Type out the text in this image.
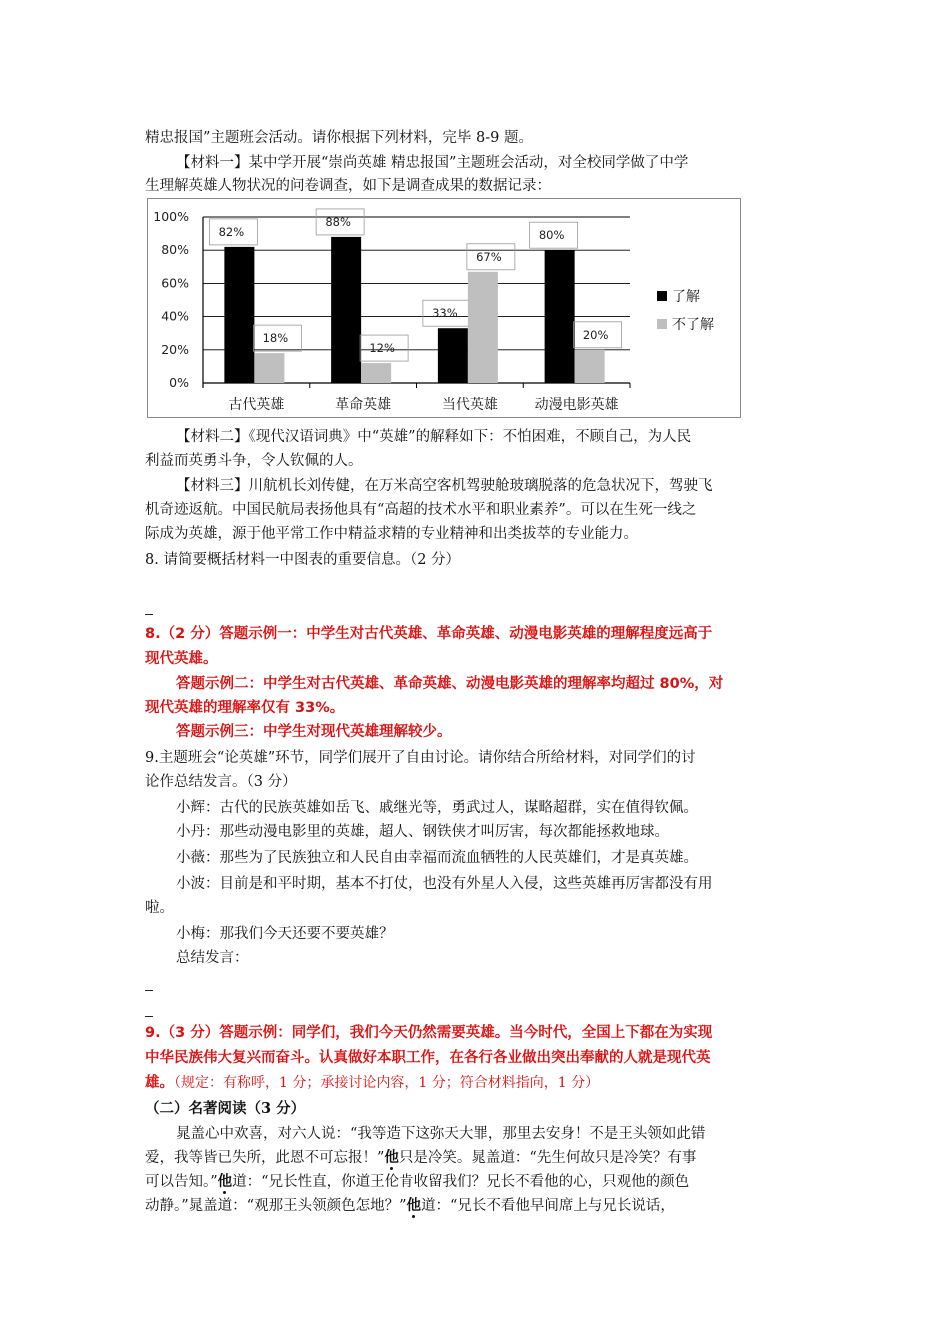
精忠报国”主题班会活动。请你根据下列材料，完毕 8-9 题。
【材料一】某中学开展“崇尚英雄 精忠报国”主题班会活动，对全校同学做了中学
生理解英雄人物状况的问卷调查，如下是调查成果的数据记录：
0%
20%
40%
60%
80%
100%
古代英雄
82%
18%
革命英雄
88%
12%
当代英雄
33%
67%
动漫电影英雄
80%
20%
了解
不了解
【材料二】《现代汉语词典》中“英雄”的解释如下：不怕困难，不顾自己，为人民
利益而英勇斗争，令人钦佩的人。
【材料三】川航机长刘传健，在万米高空客机驾驶舱玻璃脱落的危急状况下，驾驶飞
机奇迹返航。中国民航局表扬他具有“高超的技术水平和职业素养”。可以在生死一线之
际成为英雄，源于他平常工作中精益求精的专业精神和出类拔萃的专业能力。
8. 请简要概括材料一中图表的重要信息。（2 分）
8.（2 分）答题示例一：中学生对古代英雄、革命英雄、动漫电影英雄的理解程度远高于
现代英雄。
答题示例二：中学生对古代英雄、革命英雄、动漫电影英雄的理解率均超过 80%，对
现代英雄的理解率仅有 33%。
答题示例三：中学生对现代英雄理解较少。
9.主题班会“论英雄”环节，同学们展开了自由讨论。请你结合所给材料，对同学们的讨
论作总结发言。（3 分）
小辉：古代的民族英雄如岳飞、戚继光等，勇武过人，谋略超群，实在值得钦佩。
小丹：那些动漫电影里的英雄，超人、钢铁侠才叫厉害，每次都能拯救地球。
小薇：那些为了民族独立和人民自由幸福而流血牺牲的人民英雄们，才是真英雄。
小波：目前是和平时期，基本不打仗，也没有外星人入侵，这些英雄再厉害都没有用
啦。
小梅：那我们今天还要不要英雄？
总结发言：
9.（3 分）答题示例：同学们，我们今天仍然需要英雄。当今时代，全国上下都在为实现
中华民族伟大复兴而奋斗。认真做好本职工作，在各行各业做出突出奉献的人就是现代英
雄。（规定：有称呼，1 分；承接讨论内容，1 分；符合材料指向，1 分）
（二）名著阅读（3 分）
晁盖心中欢喜，对六人说：“我等造下这弥天大罪，那里去安身！不是王头领如此错
爱，我等皆已失所，此恩不可忘报！”他只是冷笑。晁盖道：“先生何故只是冷笑？有事
可以告知。”他道：“兄长性直，你道王伦肯收留我们？兄长不看他的心，只观他的颜色
动静。”晁盖道：“观那王头领颜色怎地？”他道：“兄长不看他早间席上与兄长说话，
